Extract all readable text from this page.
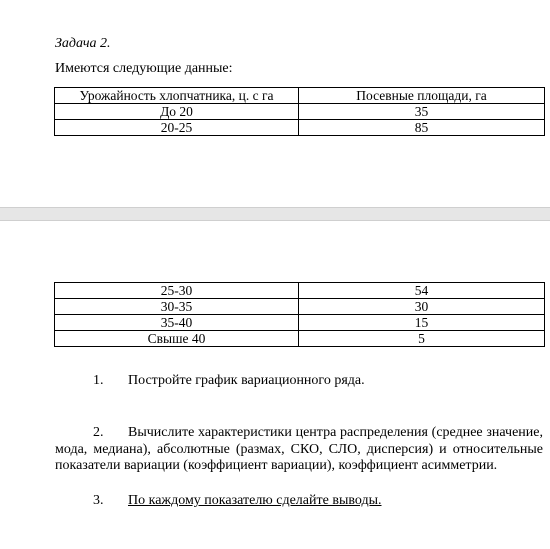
Задача 2.
Имеются следующие данные:
Урожайность хлопчатника, ц. с га	Посевные площади, га
До 20	35
20-25	85
25-30	54
30-35	30
35-40	15
Свыше 40	5
1. Постройте график вариационного ряда.
2. Вычислите характеристики центра распределения (среднее значение, мода, медиана), абсолютные (размах, СКО, СЛО, дисперсия) и относительные показатели вариации (коэффициент вариации), коэффициент асимметрии.
3. По каждому показателю сделайте выводы.
